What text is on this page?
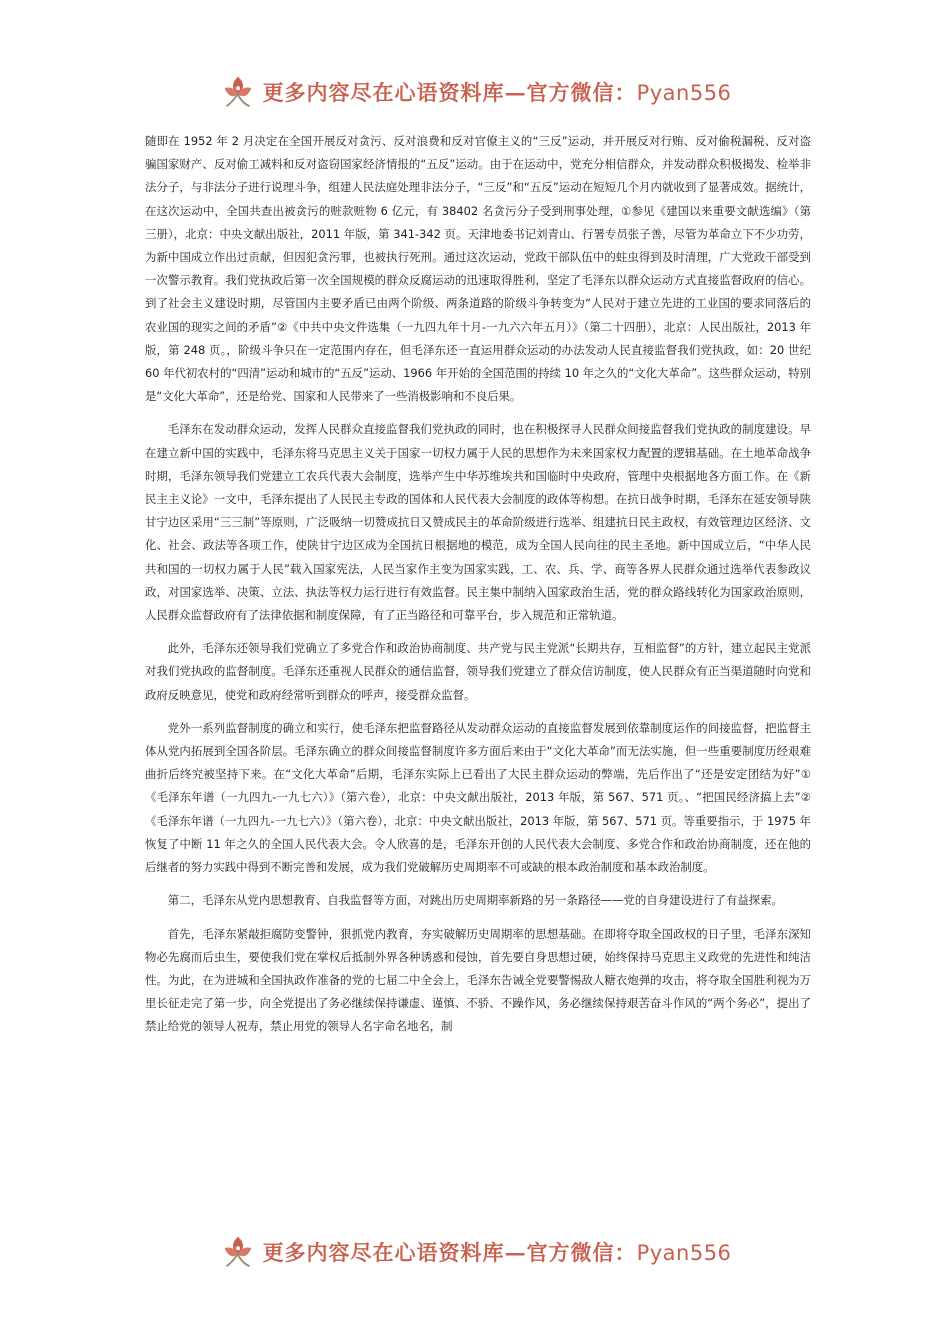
更多内容尽在心语资料库—官方微信：Pyan556

随即在 1952 年 2 月决定在全国开展反对贪污、反对浪费和反对官僚主义的“三反”运动，并开展反对行贿、反对偷税漏税、反对盗骗国家财产、反对偷工减料和反对盗窃国家经济情报的“五反”运动。由于在运动中，党充分相信群众，并发动群众积极揭发、检举非法分子，与非法分子进行说理斗争，组建人民法庭处理非法分子，“三反”和“五反”运动在短短几个月内就收到了显著成效。据统计，在这次运动中，全国共查出被贪污的赃款赃物 6 亿元，有 38402 名贪污分子受到刑事处理，①参见《建国以来重要文献选编》（第三册），北京：中央文献出版社，2011 年版，第 341-342 页。天津地委书记刘青山、行署专员张子善，尽管为革命立下不少功劳，为新中国成立作出过贡献，但因犯贪污罪，也被执行死刑。通过这次运动，党政干部队伍中的蛀虫得到及时清理，广大党政干部受到一次警示教育。我们党执政后第一次全国规模的群众反腐运动的迅速取得胜利，坚定了毛泽东以群众运动方式直接监督政府的信心。到了社会主义建设时期，尽管国内主要矛盾已由两个阶级、两条道路的阶级斗争转变为“人民对于建立先进的工业国的要求同落后的农业国的现实之间的矛盾”②《中共中央文件选集（一九四九年十月-一九六六年五月）》（第二十四册），北京：人民出版社，2013 年版，第 248 页。，阶级斗争只在一定范围内存在，但毛泽东还一直运用群众运动的办法发动人民直接监督我们党执政，如：20 世纪 60 年代初农村的“四清”运动和城市的“五反”运动、1966 年开始的全国范围的持续 10 年之久的“文化大革命”。这些群众运动，特别是“文化大革命”，还是给党、国家和人民带来了一些消极影响和不良后果。

毛泽东在发动群众运动，发挥人民群众直接监督我们党执政的同时，也在积极探寻人民群众间接监督我们党执政的制度建设。早在建立新中国的实践中，毛泽东将马克思主义关于国家一切权力属于人民的思想作为未来国家权力配置的逻辑基础。在土地革命战争时期，毛泽东领导我们党建立工农兵代表大会制度，选举产生中华苏维埃共和国临时中央政府，管理中央根据地各方面工作。在《新民主主义论》一文中，毛泽东提出了人民民主专政的国体和人民代表大会制度的政体等构想。在抗日战争时期，毛泽东在延安领导陕甘宁边区采用“三三制”等原则，广泛吸纳一切赞成抗日又赞成民主的革命阶级进行选举、组建抗日民主政权，有效管理边区经济、文化、社会、政法等各项工作，使陕甘宁边区成为全国抗日根据地的模范，成为全国人民向往的民主圣地。新中国成立后，“中华人民共和国的一切权力属于人民”载入国家宪法，人民当家作主变为国家实践，工、农、兵、学、商等各界人民群众通过选举代表参政议政，对国家选举、决策、立法、执法等权力运行进行有效监督。民主集中制纳入国家政治生活，党的群众路线转化为国家政治原则，人民群众监督政府有了法律依据和制度保障，有了正当路径和可靠平台，步入规范和正常轨道。

此外，毛泽东还领导我们党确立了多党合作和政治协商制度、共产党与民主党派“长期共存，互相监督”的方针，建立起民主党派对我们党执政的监督制度。毛泽东还重视人民群众的通信监督，领导我们党建立了群众信访制度，使人民群众有正当渠道随时向党和政府反映意见，使党和政府经常听到群众的呼声，接受群众监督。

党外一系列监督制度的确立和实行，使毛泽东把监督路径从发动群众运动的直接监督发展到依靠制度运作的间接监督，把监督主体从党内拓展到全国各阶层。毛泽东确立的群众间接监督制度许多方面后来由于“文化大革命”而无法实施，但一些重要制度历经艰难曲折后终究被坚持下来。在“文化大革命”后期，毛泽东实际上已看出了大民主群众运动的弊端，先后作出了“还是安定团结为好”①《毛泽东年谱（一九四九-一九七六）》（第六卷），北京：中央文献出版社，2013 年版，第 567、571 页。、“把国民经济搞上去”②《毛泽东年谱（一九四九-一九七六）》（第六卷），北京：中央文献出版社，2013 年版，第 567、571 页。等重要指示，于 1975 年恢复了中断 11 年之久的全国人民代表大会。令人欣喜的是，毛泽东开创的人民代表大会制度、多党合作和政治协商制度，还在他的后继者的努力实践中得到不断完善和发展，成为我们党破解历史周期率不可或缺的根本政治制度和基本政治制度。

第二，毛泽东从党内思想教育、自我监督等方面，对跳出历史周期率新路的另一条路径——党的自身建设进行了有益探索。

首先，毛泽东紧敲拒腐防变警钟，狠抓党内教育，夯实破解历史周期率的思想基础。在即将夺取全国政权的日子里，毛泽东深知物必先腐而后虫生，要使我们党在掌权后抵制外界各种诱惑和侵蚀，首先要自身思想过硬，始终保持马克思主义政党的先进性和纯洁性。为此，在为进城和全国执政作准备的党的七届二中全会上，毛泽东告诫全党要警惕敌人糖衣炮弹的攻击，将夺取全国胜利视为万里长征走完了第一步，向全党提出了务必继续保持谦虚、谨慎、不骄、不躁作风，务必继续保持艰苦奋斗作风的“两个务必”，提出了禁止给党的领导人祝寿，禁止用党的领导人名字命名地名，制

更多内容尽在心语资料库—官方微信：Pyan556
